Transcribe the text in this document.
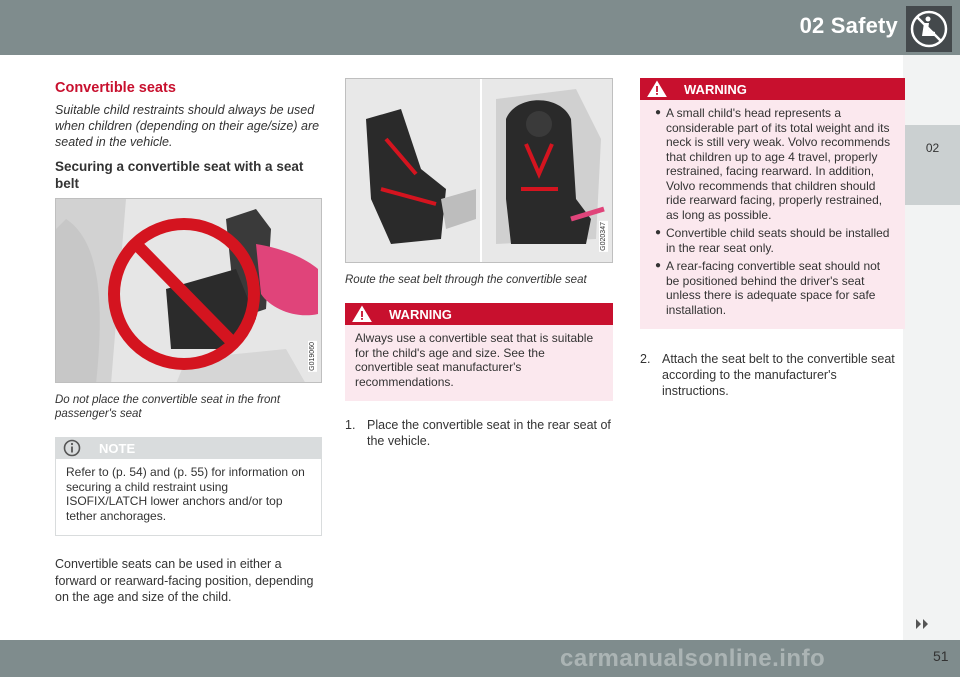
02 Safety
02
carmanualsonline.info	51
Convertible seats

Suitable child restraints should always be used when children (depending on their age/size) are seated in the vehicle.

Securing a convertible seat with a seat belt
G019060

Do not place the convertible seat in the front passenger's seat

NOTE
Refer to (p. 54) and (p. 55) for information on securing a child restraint using ISOFIX/LATCH lower anchors and/or top tether anchorages.

Convertible seats can be used in either a forward or rearward-facing position, depending on the age and size of the child.

G020347

Route the seat belt through the convertible seat

WARNING
Always use a convertible seat that is suitable for the child's age and size. See the convertible seat manufacturer's recommendations.
1. Place the convertible seat in the rear seat of the vehicle.
WARNING
● A small child's head represents a considerable part of its total weight and its neck is still very weak. Volvo recommends that children up to age 4 travel, properly restrained, facing rearward. In addition, Volvo recommends that children should ride rearward facing, properly restrained, as long as possible.
● Convertible child seats should be installed in the rear seat only.
● A rear-facing convertible seat should not be positioned behind the driver's seat unless there is adequate space for safe installation.
2. Attach the seat belt to the convertible seat according to the manufacturer's instructions.
